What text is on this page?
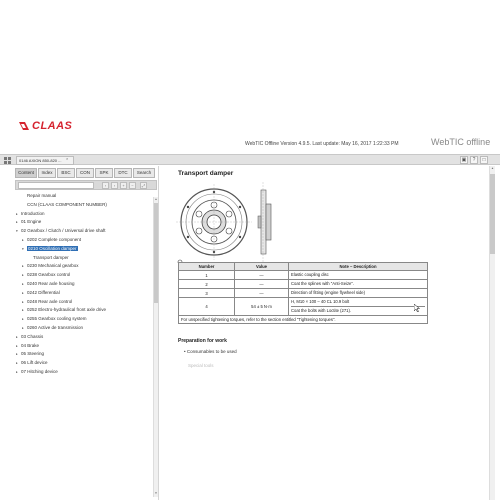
CLAAS
WebTIC Offline Version 4.9.5. Last update: May 16, 2017 1:22:33 PM	WebTIC offline
0146 AXION 850-820 ...	×	▣	?	□
Content	Index	BSC	CON	SPK	DTC	Search
‹	›	+	−	⤢
Repair manual
CCN (CLAAS COMPONENT NUMBER)
▸ Introduction
▸ 01 Engine
▾ 02 Gearbox / Clutch / Universal drive shaft
▸ 0202 Complete component
▾ 0210 Oscillation damper
Transport damper
▸ 0230 Mechanical gearbox
▸ 0238 Gearbox control
▸ 0240 Rear axle housing
▸ 0242 Differential
▸ 0248 Rear axle control
▸ 0252 Electro-hydraulical front axle drive
▸ 0255 Gearbox cooling system
▸ 0260 Active de transmission
▸ 03 Chassis
▸ 04 Brake
▸ 05 Steering
▸ 06 Lift device
▸ 07 Hitching device
▲
▼
Transport damper
Number	Value	Note – Description
1	—	Elastic coupling disc

2	—	Coat the splines with "Anti-Seize".

3	—	Direction of fitting (engine flywheel side)

4	54 ± 5 N·m	H, M10 × 100 – 40 CL 10.9 bolt
Coat the bolts with Loctite (271).

For unspecified tightening torques, refer to the section entitled "Tightening torques".		
Preparation for work
• Consumables to be used
Special tools
▲
